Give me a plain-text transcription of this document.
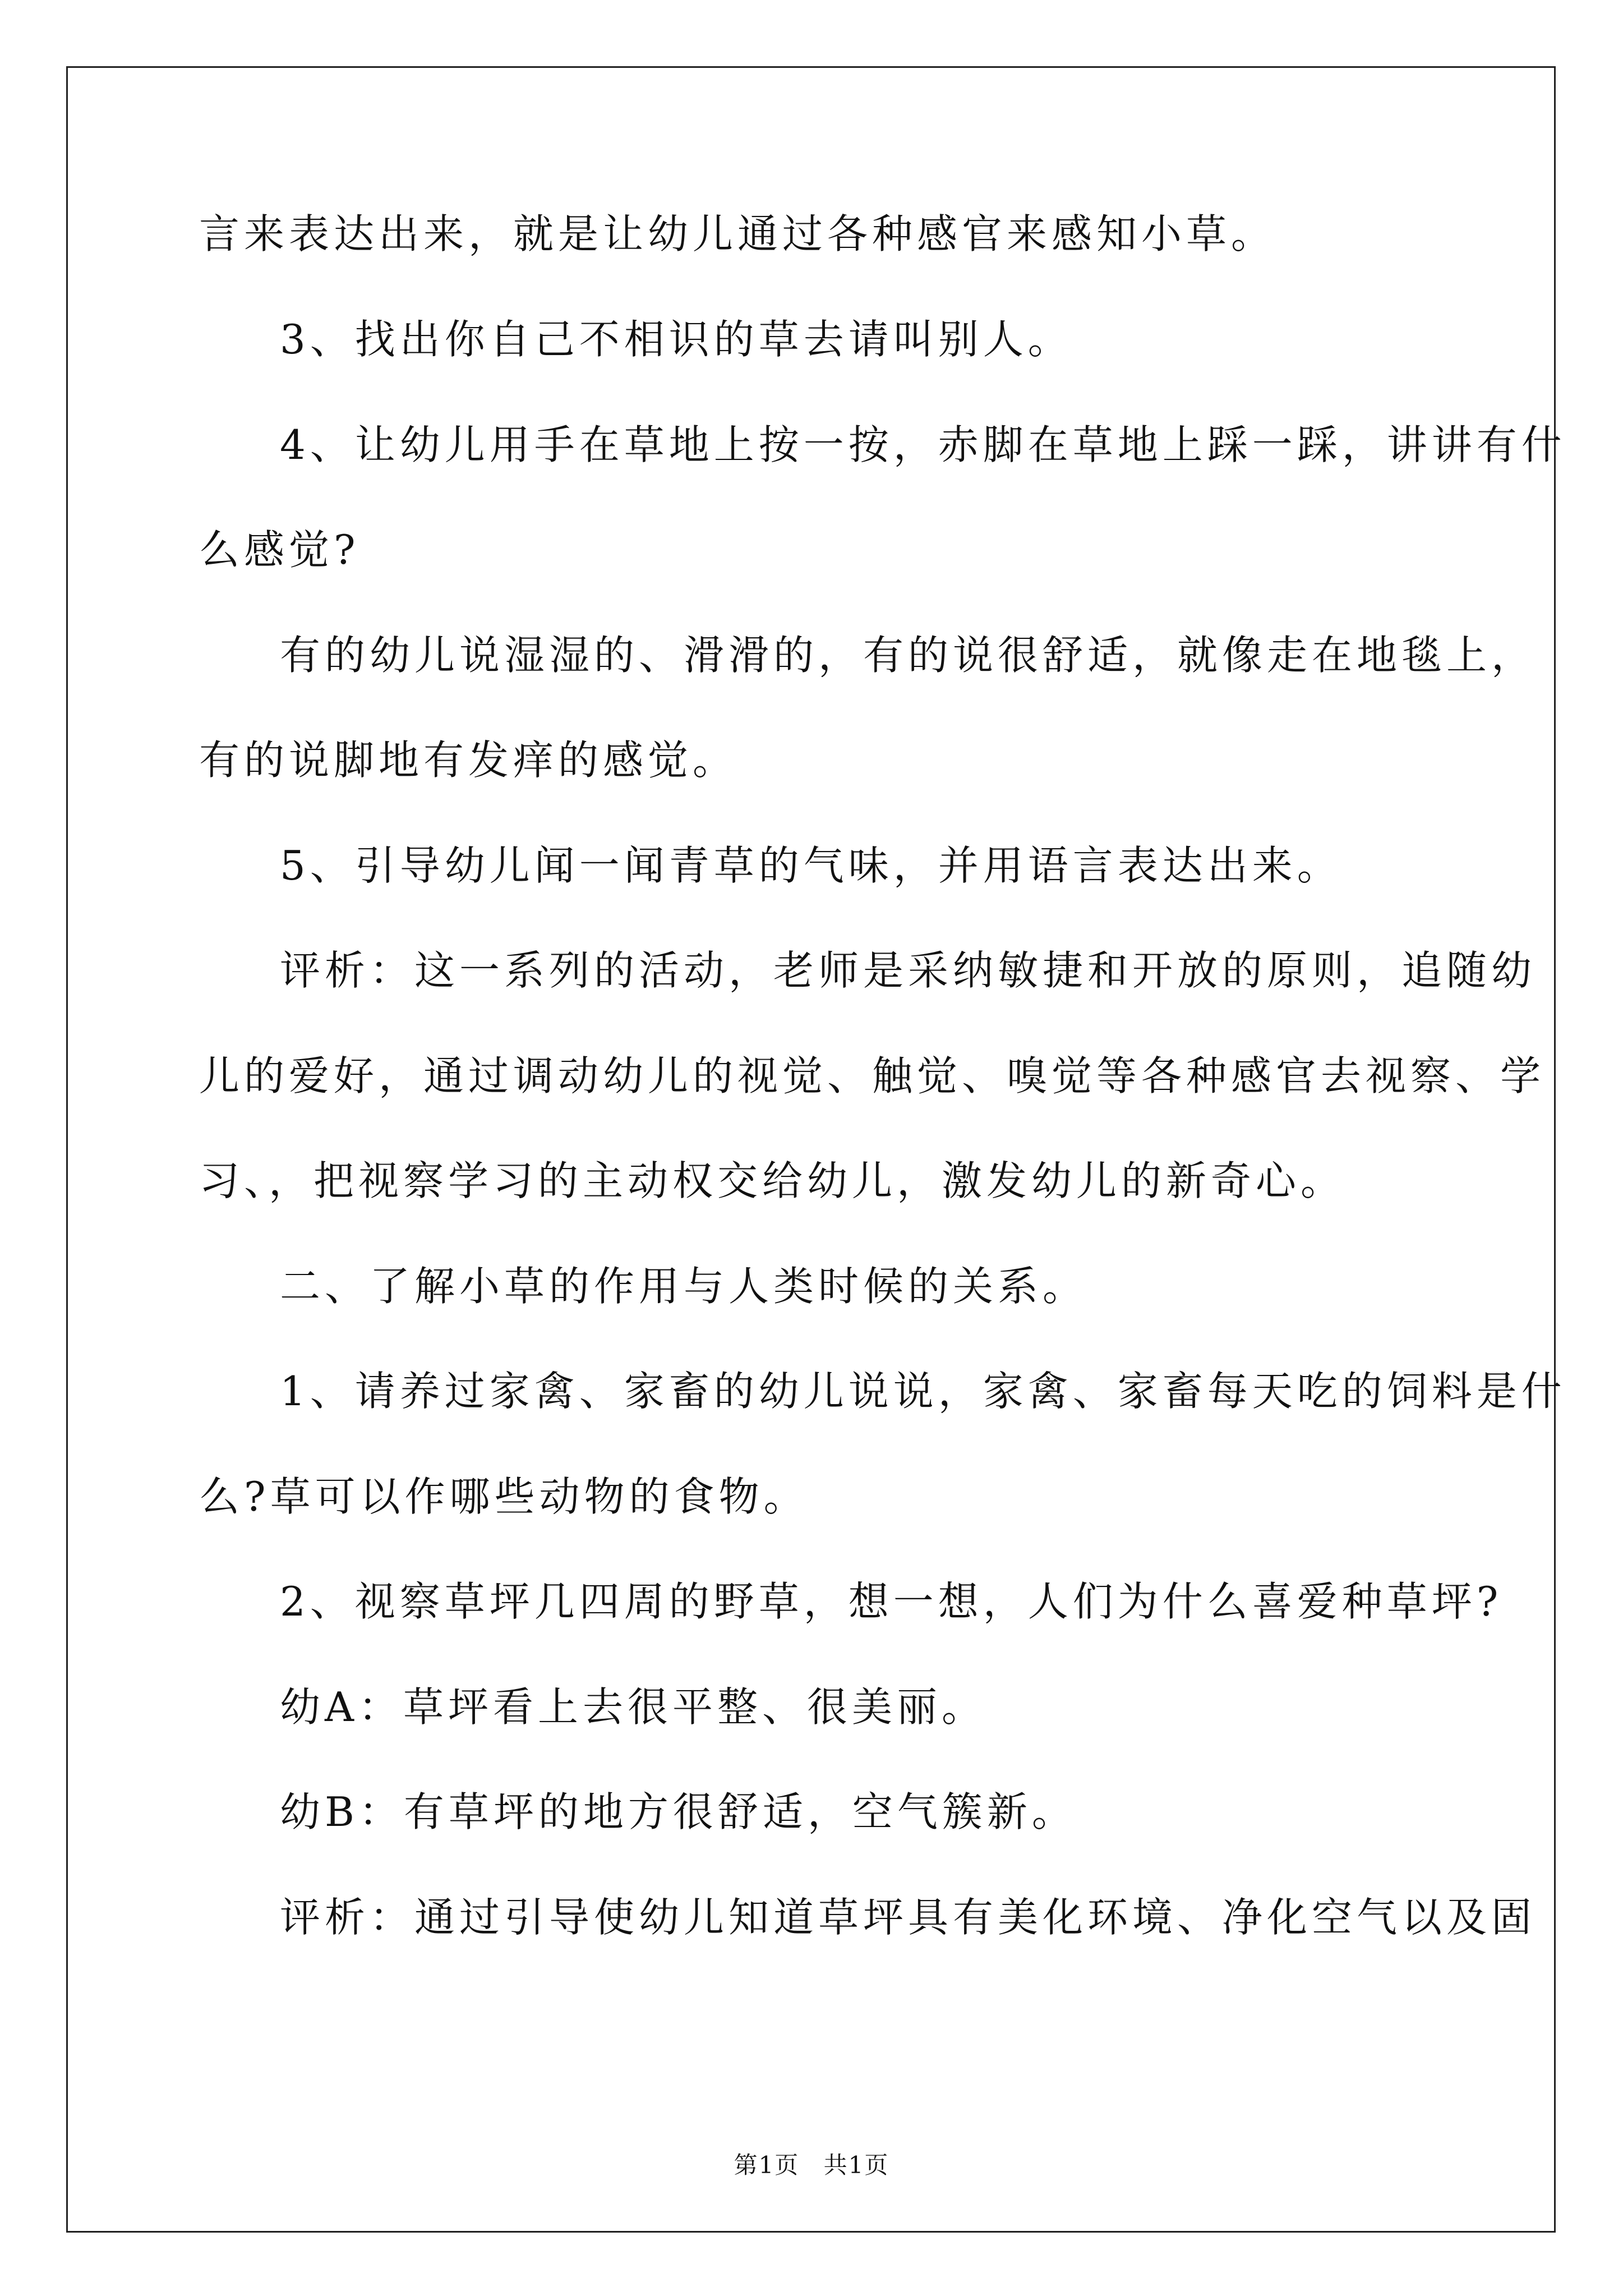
言来表达出来，就是让幼儿通过各种感官来感知小草。
3、找出你自己不相识的草去请叫别人。
4、让幼儿用手在草地上按一按，赤脚在草地上踩一踩，讲讲有什
么感觉?
有的幼儿说湿湿的、滑滑的，有的说很舒适，就像走在地毯上，
有的说脚地有发痒的感觉。
5、引导幼儿闻一闻青草的气味，并用语言表达出来。
评析：这一系列的活动，老师是采纳敏捷和开放的原则，追随幼
儿的爱好，通过调动幼儿的视觉、触觉、嗅觉等各种感官去视察、学
习、，把视察学习的主动权交给幼儿，激发幼儿的新奇心。
二、了解小草的作用与人类时候的关系。
1、请养过家禽、家畜的幼儿说说，家禽、家畜每天吃的饲料是什
么?草可以作哪些动物的食物。
2、视察草坪几四周的野草，想一想，人们为什么喜爱种草坪?
幼A：草坪看上去很平整、很美丽。
幼B：有草坪的地方很舒适，空气簇新。
评析：通过引导使幼儿知道草坪具有美化环境、净化空气以及固
第1页 共1页
